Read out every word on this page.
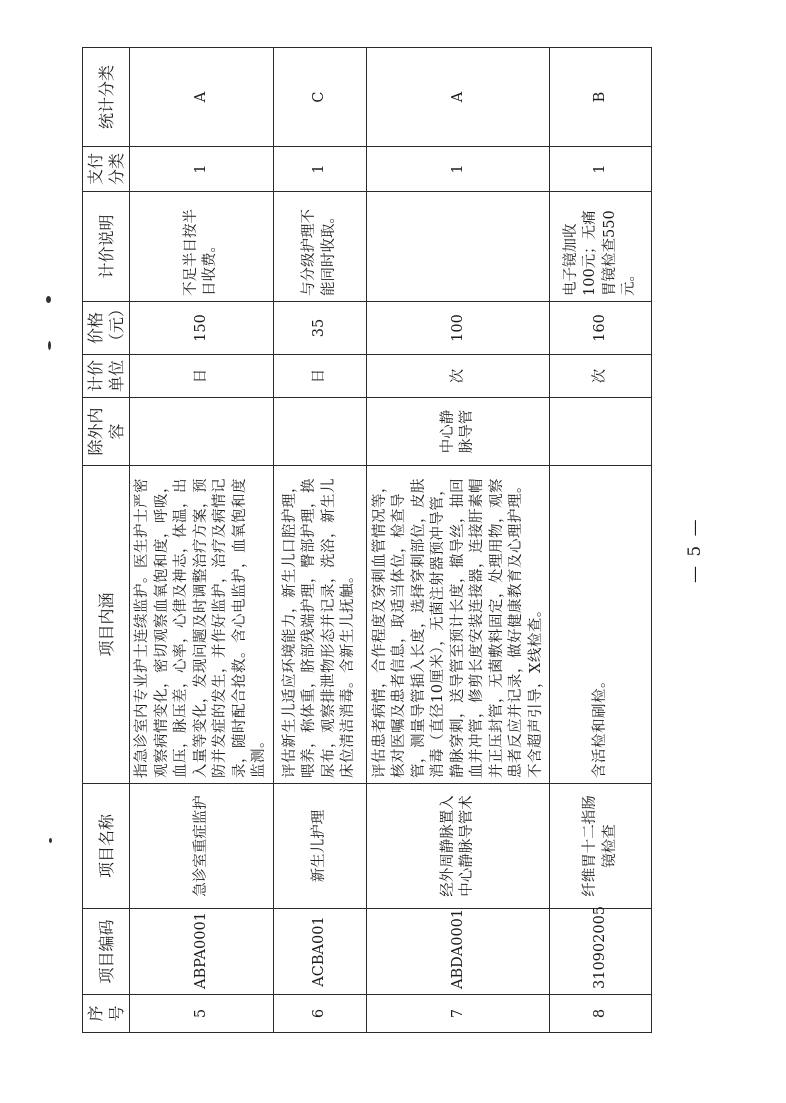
序号	项目编码	项目名称	项目内涵	除外内容	计价单位	价格（元）	计价说明	支付分类	统计分类
5	ABPA0001	急诊室重症监护	指急诊室内专业护士连续监护。医生护士严密观察病情变化，密切观察血氧饱和度，呼吸，血压，脉压差，心率，心律及神志，体温，出入量等变化，发现问题及时调整治疗方案，预防并发症的发生，并作好监护，治疗及病情记录，随时配合抢救。含心电监护，血氧饱和度监测。		日	150	不足半日按半日收费。	1	A
6	ACBA001	新生儿护理	评估新生儿适应环境能力，新生儿口腔护理，喂养，称体重，脐部残端护理，臀部护理，换尿布，观察排泄物形态并记录，洗浴，新生儿床位清洁消毒。含新生儿抚触。		日	35	与分级护理不能同时收取。	1	C
7	ABDA0001	经外周静脉置入中心静脉导管术	评估患者病情，合作程度及穿刺血管情况等，核对医嘱及患者信息，取适当体位，检查导管，测量导管插入长度，选择穿刺部位，皮肤消毒（直径10厘米），无菌注射器预冲导管，静脉穿刺，送导管至预计长度，撤导丝，抽回血并冲管，修剪长度安装连接器，连接肝素帽并正压封管，无菌敷料固定，处理用物，观察患者反应并记录，做好健康教育及心理护理。不含超声引导，X线检查。	中心静脉导管	次	100		1	A
8	310902005	纤维胃十二指肠镜检查	含活检和刷检。		次	160	电子镜加收100元；无痛胃镜检查550元。	1	B
— 5 —
